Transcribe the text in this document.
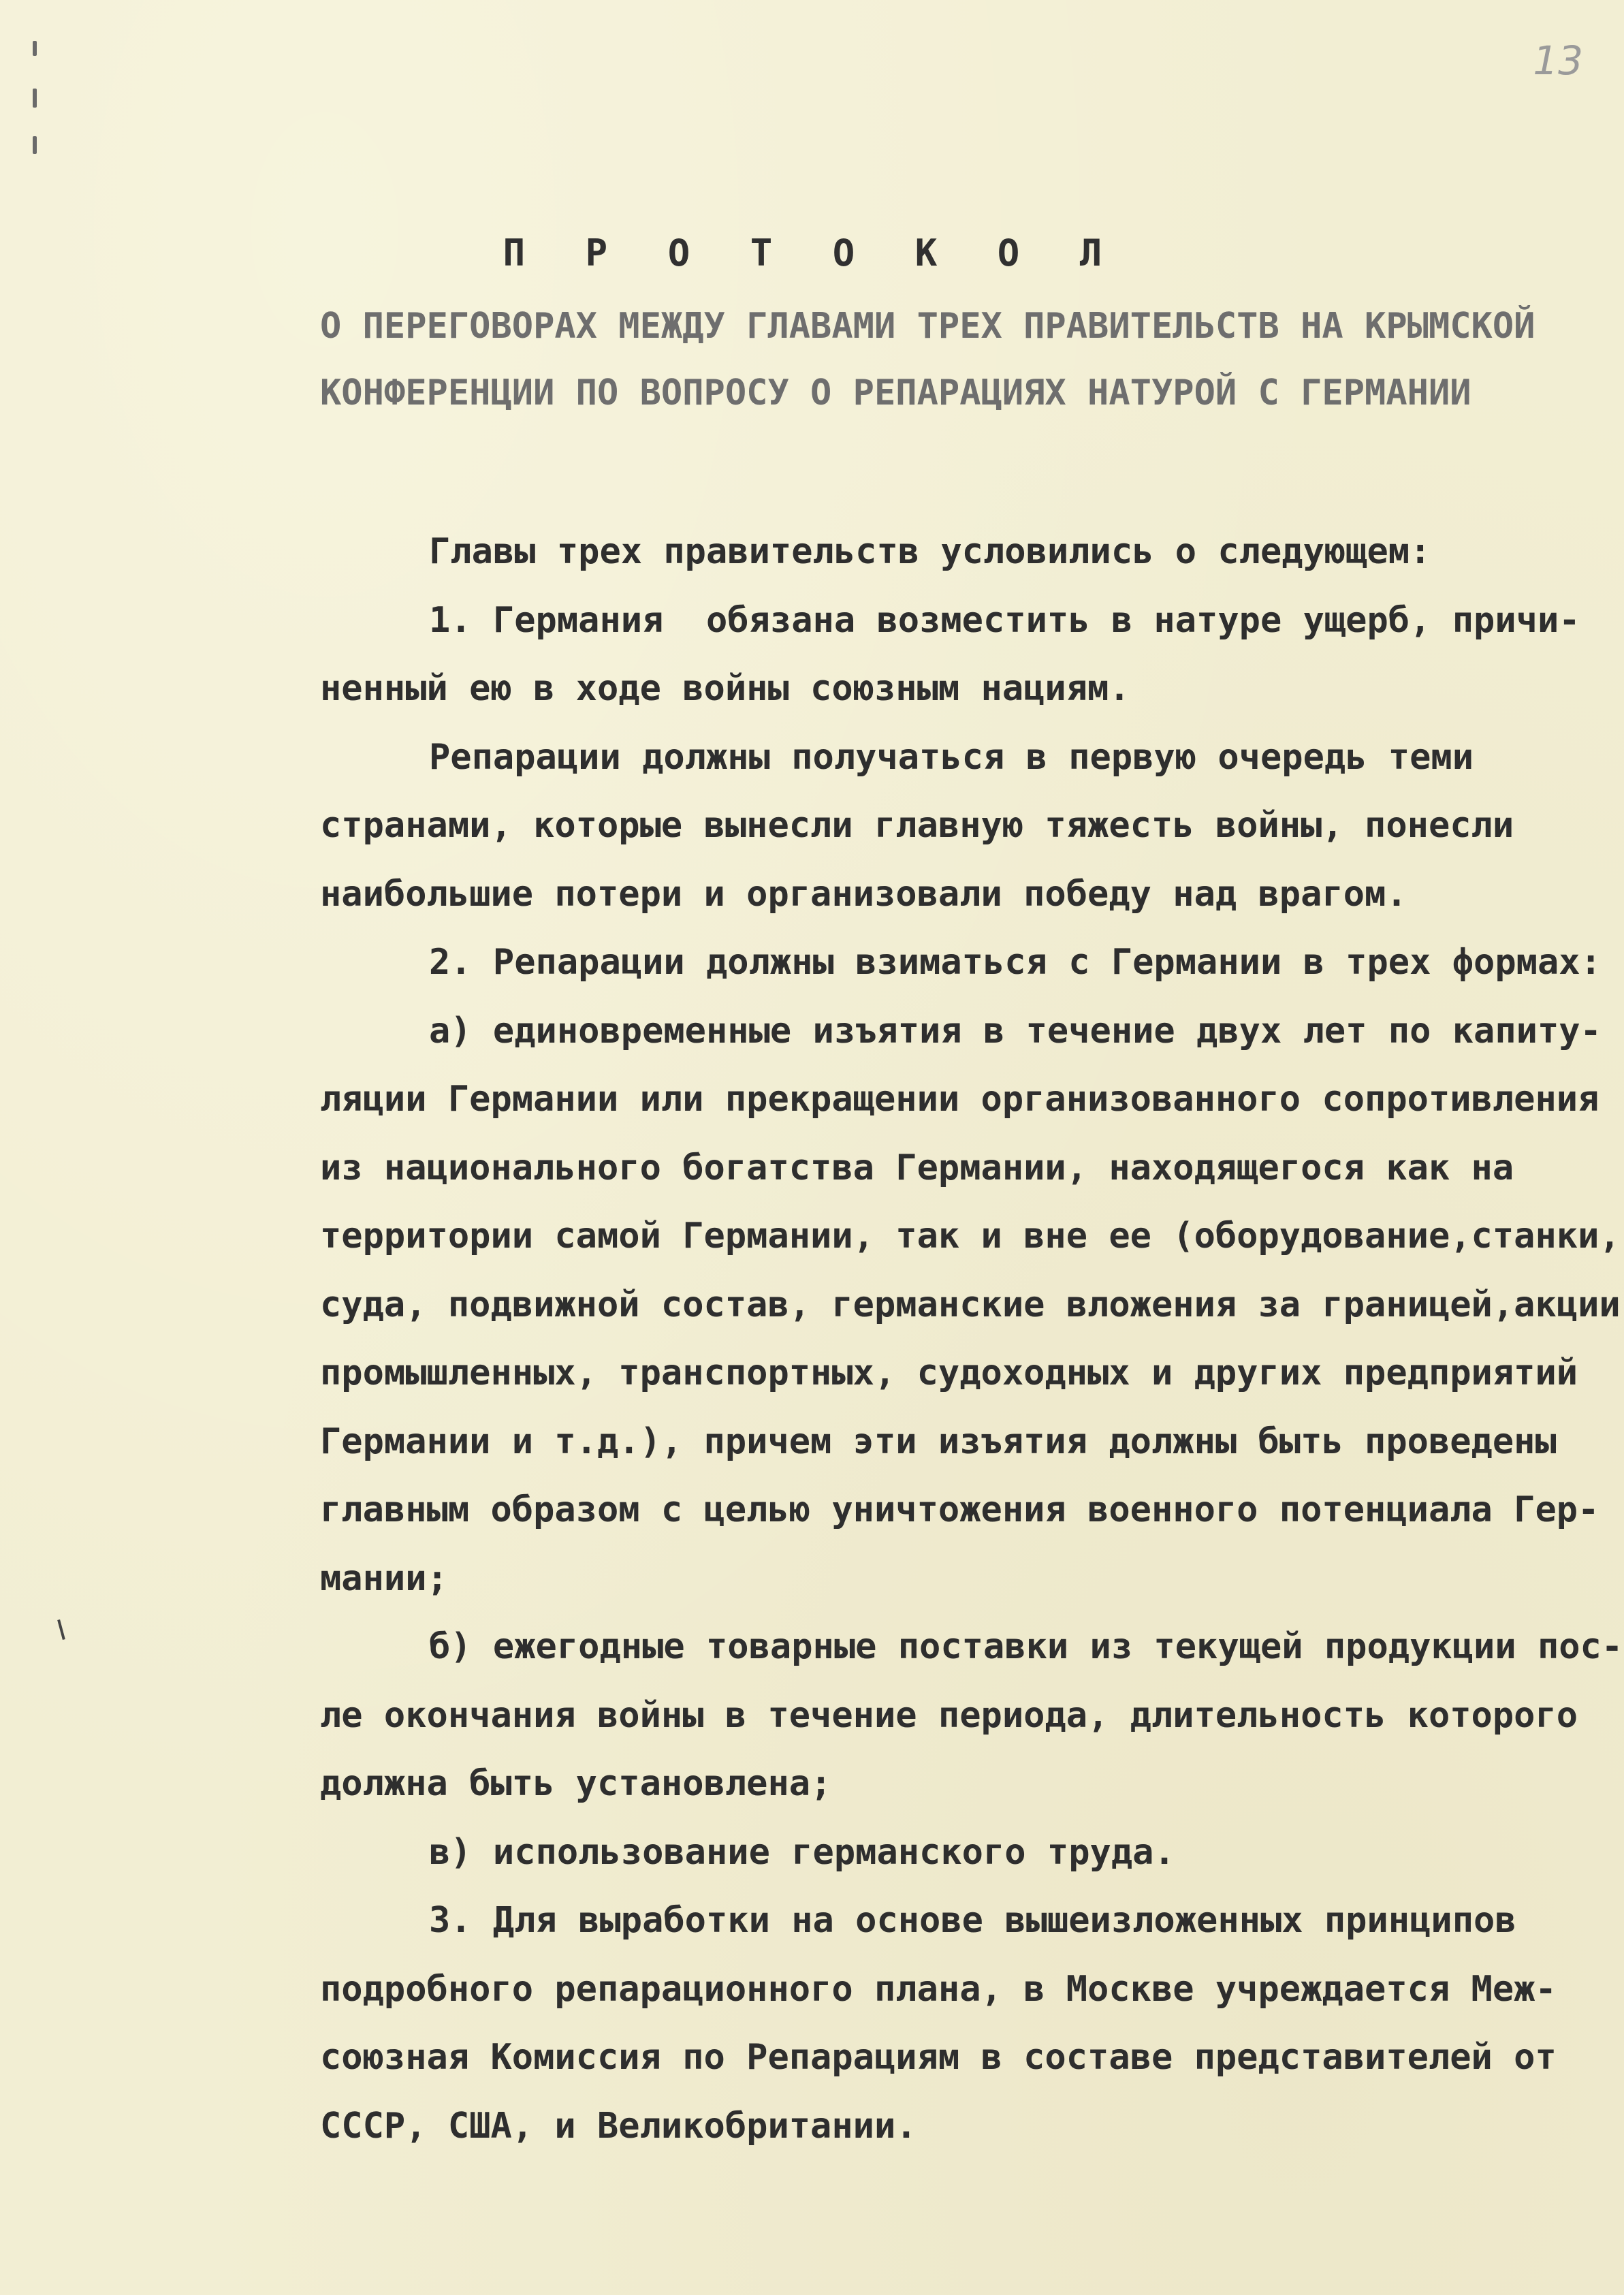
13
П Р О Т О К О Л
О ПЕРЕГОВОРАХ МЕЖДУ ГЛАВАМИ ТРЕХ ПРАВИТЕЛЬСТВ НА КРЫМСКОЙ
КОНФЕРЕНЦИИ ПО ВОПРОСУ О РЕПАРАЦИЯХ НАТУРОЙ С ГЕРМАНИИ

Главы трех правительств условились о следующем:

1. Германия  обязана возместить в натуре ущерб, причи-

ненный ею в ходе войны союзным нациям.

Репарации должны получаться в первую очередь теми

странами, которые вынесли главную тяжесть войны, понесли

наибольшие потери и организовали победу над врагом.

2. Репарации должны взиматься с Германии в трех формах:

а) единовременные изъятия в течение двух лет по капиту-

ляции Германии или прекращении организованного сопротивления

из национального богатства Германии, находящегося как на

территории самой Германии, так и вне ее (оборудование,станки,

суда, подвижной состав, германские вложения за границей,акции

промышленных, транспортных, судоходных и других предприятий

Германии и т.д.), причем эти изъятия должны быть проведены

главным образом с целью уничтожения военного потенциала Гер-

мании;

б) ежегодные товарные поставки из текущей продукции пос-

ле окончания войны в течение периода, длительность которого

должна быть установлена;

в) использование германского труда.

3. Для выработки на основе вышеизложенных принципов

подробного репарационного плана, в Москве учреждается Меж-

союзная Комиссия по Репарациям в составе представителей от

СССР, США, и Великобритании.
